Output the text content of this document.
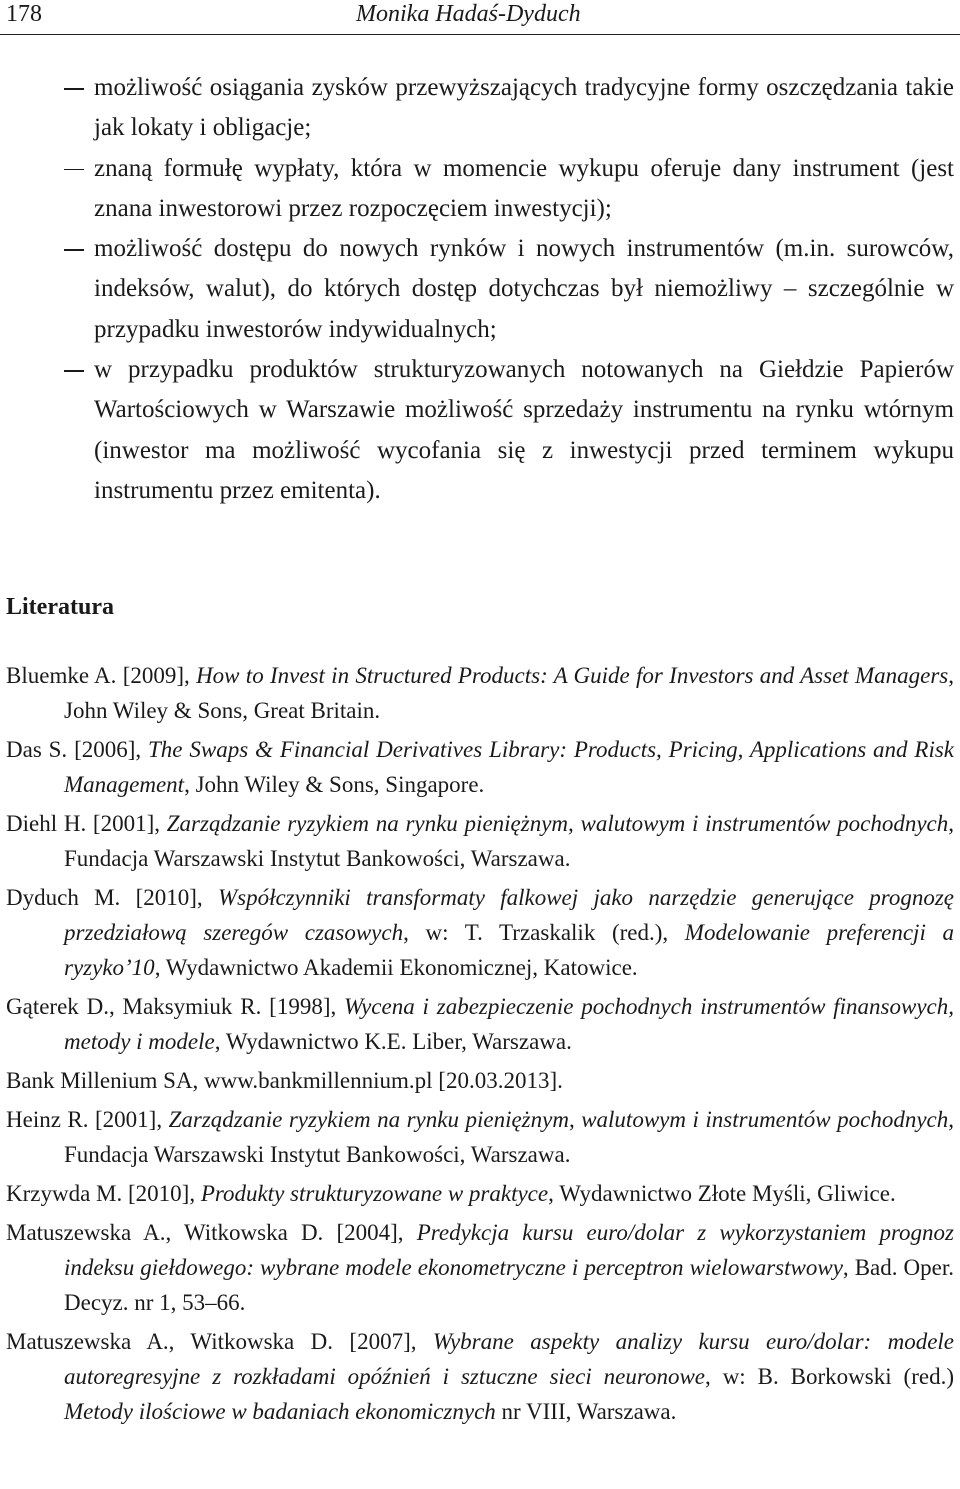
178	Monika Hadaś-Dyduch
możliwość osiągania zysków przewyższających tradycyjne formy oszczędzania takie jak lokaty i obligacje;
znaną formułę wypłaty, która w momencie wykupu oferuje dany instrument (jest znana inwestorowi przez rozpoczęciem inwestycji);
możliwość dostępu do nowych rynków i nowych instrumentów (m.in. surowców, indeksów, walut), do których dostęp dotychczas był niemożliwy – szczególnie w przypadku inwestorów indywidualnych;
w przypadku produktów strukturyzowanych notowanych na Giełdzie Papierów Wartościowych w Warszawie możliwość sprzedaży instrumentu na rynku wtórnym (inwestor ma możliwość wycofania się z inwestycji przed terminem wykupu instrumentu przez emitenta).
Literatura
Bluemke A. [2009], How to Invest in Structured Products: A Guide for Investors and Asset Managers, John Wiley & Sons, Great Britain.
Das S. [2006], The Swaps & Financial Derivatives Library: Products, Pricing, Applications and Risk Management, John Wiley & Sons, Singapore.
Diehl H. [2001], Zarządzanie ryzykiem na rynku pieniężnym, walutowym i instrumentów pochodnych, Fundacja Warszawski Instytut Bankowości, Warszawa.
Dyduch M. [2010], Współczynniki transformaty falkowej jako narzędzie generujące prognozę przedziałową szeregów czasowych, w: T. Trzaskalik (red.), Modelowanie preferencji a ryzyko’10, Wydawnictwo Akademii Ekonomicznej, Katowice.
Gąterek D., Maksymiuk R. [1998], Wycena i zabezpieczenie pochodnych instrumentów finansowych, metody i modele, Wydawnictwo K.E. Liber, Warszawa.
Bank Millenium SA, www.bankmillennium.pl [20.03.2013].
Heinz R. [2001], Zarządzanie ryzykiem na rynku pieniężnym, walutowym i instrumentów pochodnych, Fundacja Warszawski Instytut Bankowości, Warszawa.
Krzywda M. [2010], Produkty strukturyzowane w praktyce, Wydawnictwo Złote Myśli, Gliwice.
Matuszewska A., Witkowska D. [2004], Predykcja kursu euro/dolar z wykorzystaniem prognoz indeksu giełdowego: wybrane modele ekonometryczne i perceptron wielowarstwowy, Bad. Oper. Decyz. nr 1, 53–66.
Matuszewska A., Witkowska D. [2007], Wybrane aspekty analizy kursu euro/dolar: modele autoregresyjne z rozkładami opóźnień i sztuczne sieci neuronowe, w: B. Borkowski (red.) Metody ilościowe w badaniach ekonomicznych nr VIII, Warszawa.
